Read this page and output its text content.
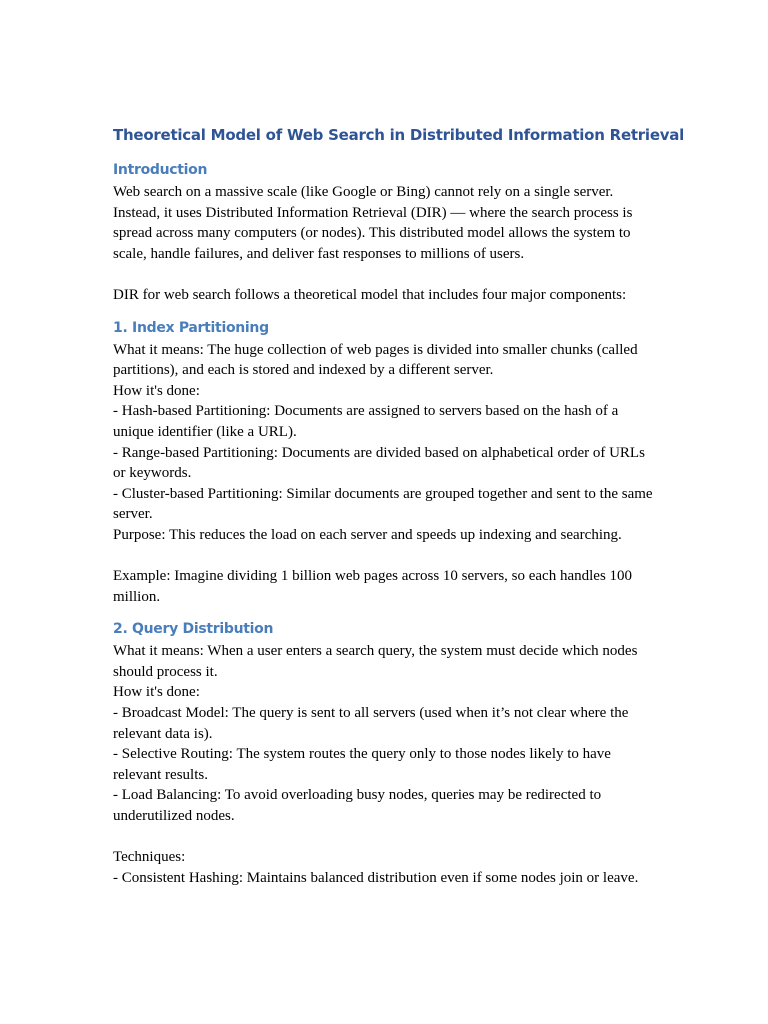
Theoretical Model of Web Search in Distributed Information Retrieval
Introduction

Web search on a massive scale (like Google or Bing) cannot rely on a single server.
Instead, it uses Distributed Information Retrieval (DIR) — where the search process is
spread across many computers (or nodes). This distributed model allows the system to
scale, handle failures, and deliver fast responses to millions of users.

DIR for web search follows a theoretical model that includes four major components:

1. Index Partitioning

What it means: The huge collection of web pages is divided into smaller chunks (called
partitions), and each is stored and indexed by a different server.
How it's done:
- Hash-based Partitioning: Documents are assigned to servers based on the hash of a
unique identifier (like a URL).
- Range-based Partitioning: Documents are divided based on alphabetical order of URLs
or keywords.
- Cluster-based Partitioning: Similar documents are grouped together and sent to the same
server.
Purpose: This reduces the load on each server and speeds up indexing and searching.

Example: Imagine dividing 1 billion web pages across 10 servers, so each handles 100
million.

2. Query Distribution

What it means: When a user enters a search query, the system must decide which nodes
should process it.
How it's done:
- Broadcast Model: The query is sent to all servers (used when it’s not clear where the
relevant data is).
- Selective Routing: The system routes the query only to those nodes likely to have
relevant results.
- Load Balancing: To avoid overloading busy nodes, queries may be redirected to
underutilized nodes.

Techniques:
- Consistent Hashing: Maintains balanced distribution even if some nodes join or leave.
